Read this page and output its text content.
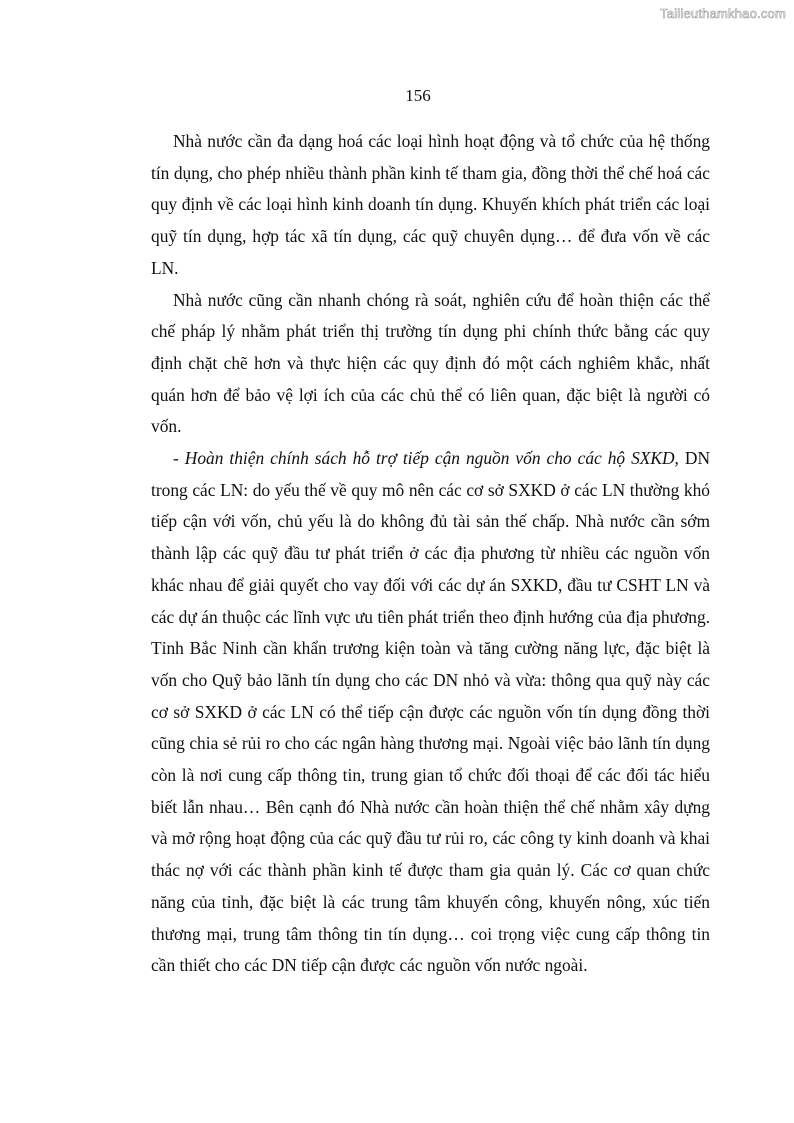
Tailieuthamkhao.com
156

Nhà nước cần đa dạng hoá các loại hình hoạt động và tổ chức của hệ thống tín dụng, cho phép nhiều thành phần kinh tế tham gia, đồng thời thể chế hoá các quy định về các loại hình kinh doanh tín dụng. Khuyến khích phát triển các loại quỹ tín dụng, hợp tác xã tín dụng, các quỹ chuyên dụng… để đưa vốn về các LN.

Nhà nước cũng cần nhanh chóng rà soát, nghiên cứu để hoàn thiện các thể chế pháp lý nhằm phát triển thị trường tín dụng phi chính thức bằng các quy định chặt chẽ hơn và thực hiện các quy định đó một cách nghiêm khắc, nhất quán hơn để bảo vệ lợi ích của các chủ thể có liên quan, đặc biệt là người có vốn.

- Hoàn thiện chính sách hỗ trợ tiếp cận nguồn vốn cho các hộ SXKD, DN trong các LN: do yếu thế về quy mô nên các cơ sở SXKD ở các LN thường khó tiếp cận với vốn, chủ yếu là do không đủ tài sản thế chấp. Nhà nước cần sớm thành lập các quỹ đầu tư phát triển ở các địa phương từ nhiều các nguồn vốn khác nhau để giải quyết cho vay đối với các dự án SXKD, đầu tư CSHT LN và các dự án thuộc các lĩnh vực ưu tiên phát triển theo định hướng của địa phương. Tỉnh Bắc Ninh cần khẩn trương kiện toàn và tăng cường năng lực, đặc biệt là vốn cho Quỹ bảo lãnh tín dụng cho các DN nhỏ và vừa: thông qua quỹ này các cơ sở SXKD ở các LN có thể tiếp cận được các nguồn vốn tín dụng đồng thời cũng chia sẻ rủi ro cho các ngân hàng thương mại. Ngoài việc bảo lãnh tín dụng còn là nơi cung cấp thông tin, trung gian tổ chức đối thoại để các đối tác hiểu biết lẫn nhau… Bên cạnh đó Nhà nước cần hoàn thiện thể chế nhằm xây dựng và mở rộng hoạt động của các quỹ đầu tư rủi ro, các công ty kinh doanh và khai thác nợ với các thành phần kinh tế được tham gia quản lý. Các cơ quan chức năng của tỉnh, đặc biệt là các trung tâm khuyến công, khuyến nông, xúc tiến thương mại, trung tâm thông tin tín dụng… coi trọng việc cung cấp thông tin cần thiết cho các DN tiếp cận được các nguồn vốn nước ngoài.
